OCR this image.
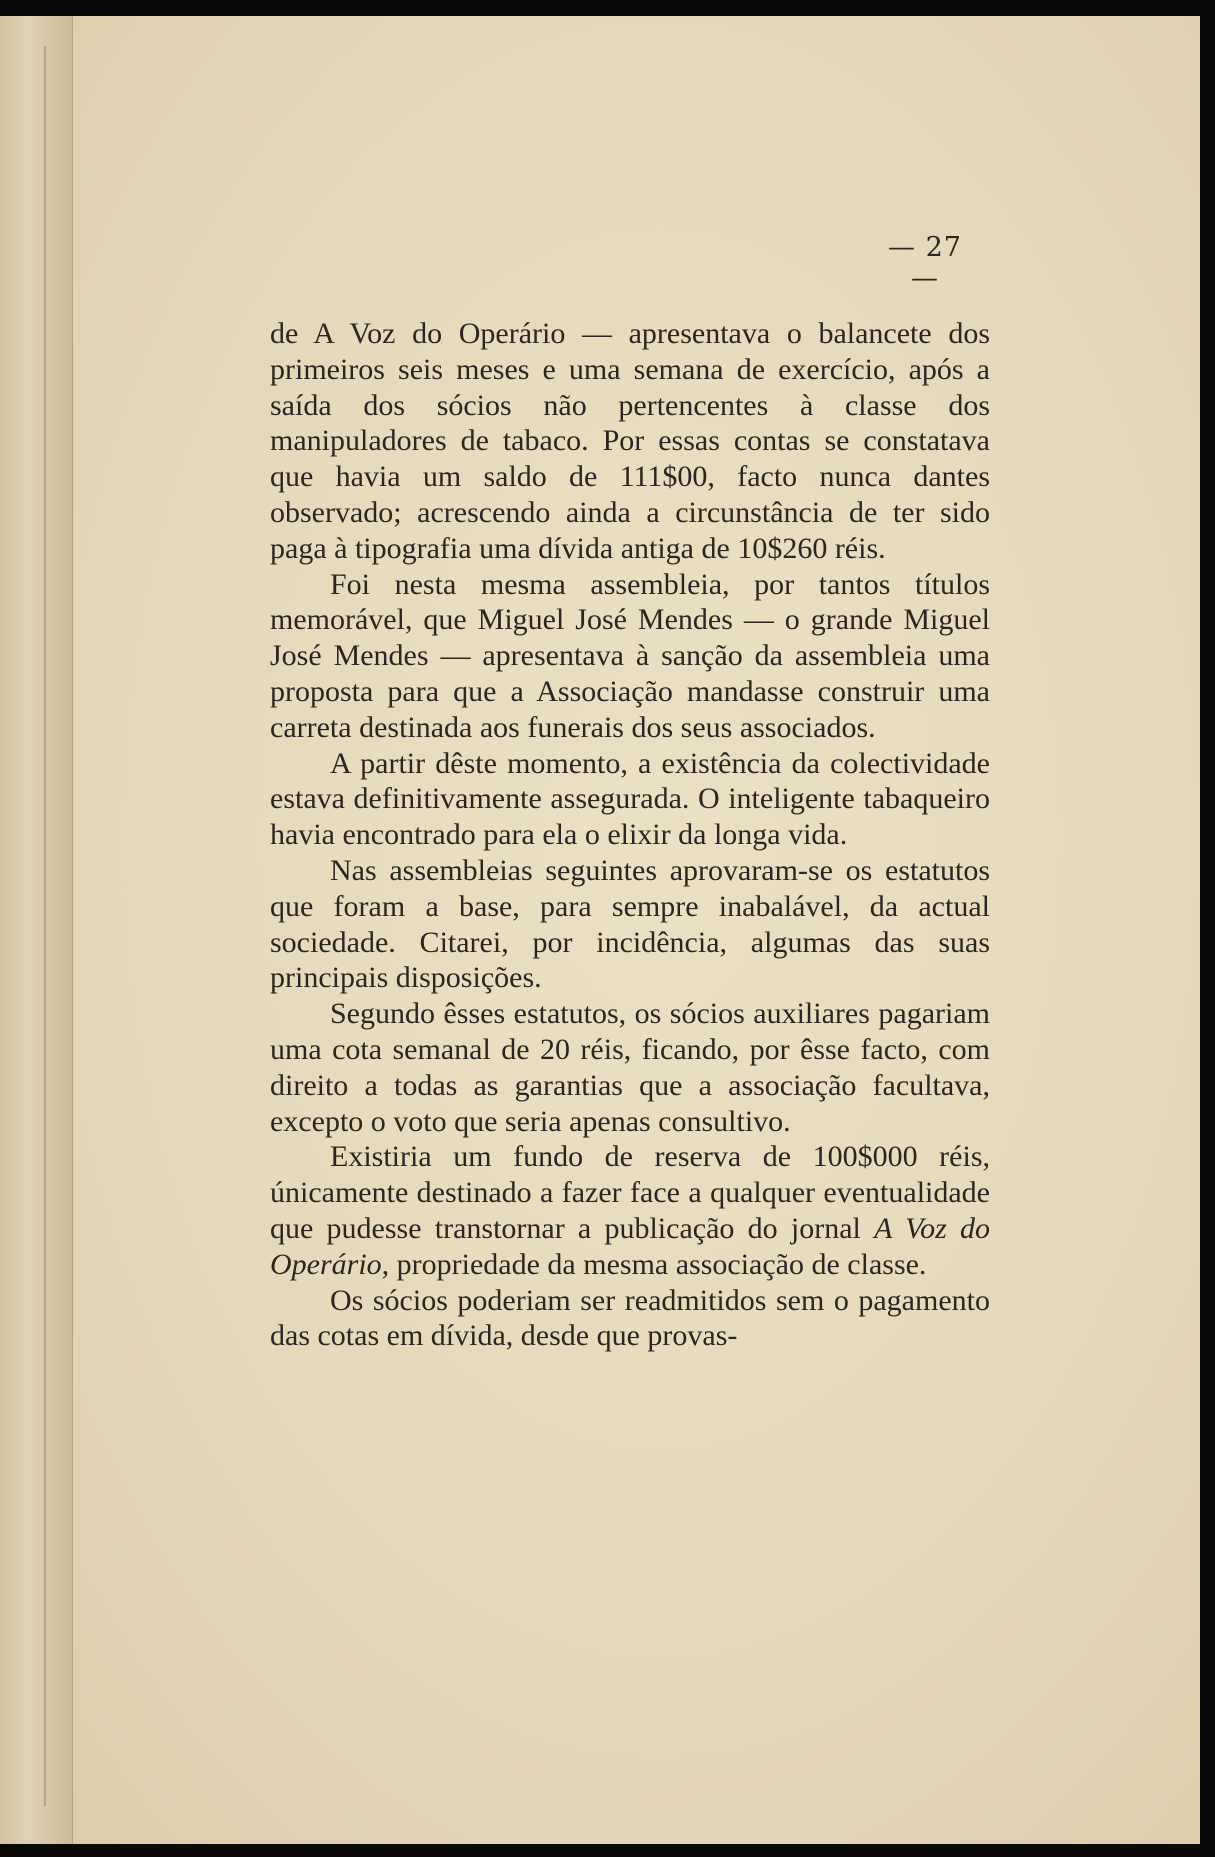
— 27 —

de A Voz do Operário — apresentava o balancete dos primeiros seis meses e uma semana de exercício, após a saída dos sócios não pertencentes à classe dos manipuladores de tabaco. Por essas contas se constatava que havia um saldo de 111$00, facto nunca dantes observado; acrescendo ainda a circunstância de ter sido paga à tipografia uma dívida antiga de 10$260 réis.

Foi nesta mesma assembleia, por tantos títulos memorável, que Miguel José Mendes — o grande Miguel José Mendes — apresentava à sanção da assembleia uma proposta para que a Associação mandasse construir uma carreta destinada aos funerais dos seus associados.

A partir dêste momento, a existência da colectividade estava definitivamente assegurada. O inteligente tabaqueiro havia encontrado para ela o elixir da longa vida.

Nas assembleias seguintes aprovaram-se os estatutos que foram a base, para sempre inabalável, da actual sociedade. Citarei, por incidência, algumas das suas principais disposições.

Segundo êsses estatutos, os sócios auxiliares pagariam uma cota semanal de 20 réis, ficando, por êsse facto, com direito a todas as garantias que a associação facultava, excepto o voto que seria apenas consultivo.

Existiria um fundo de reserva de 100$000 réis, únicamente destinado a fazer face a qualquer eventualidade que pudesse transtornar a publicação do jornal A Voz do Operário, propriedade da mesma associação de classe.

Os sócios poderiam ser readmitidos sem o pagamento das cotas em dívida, desde que provas-
